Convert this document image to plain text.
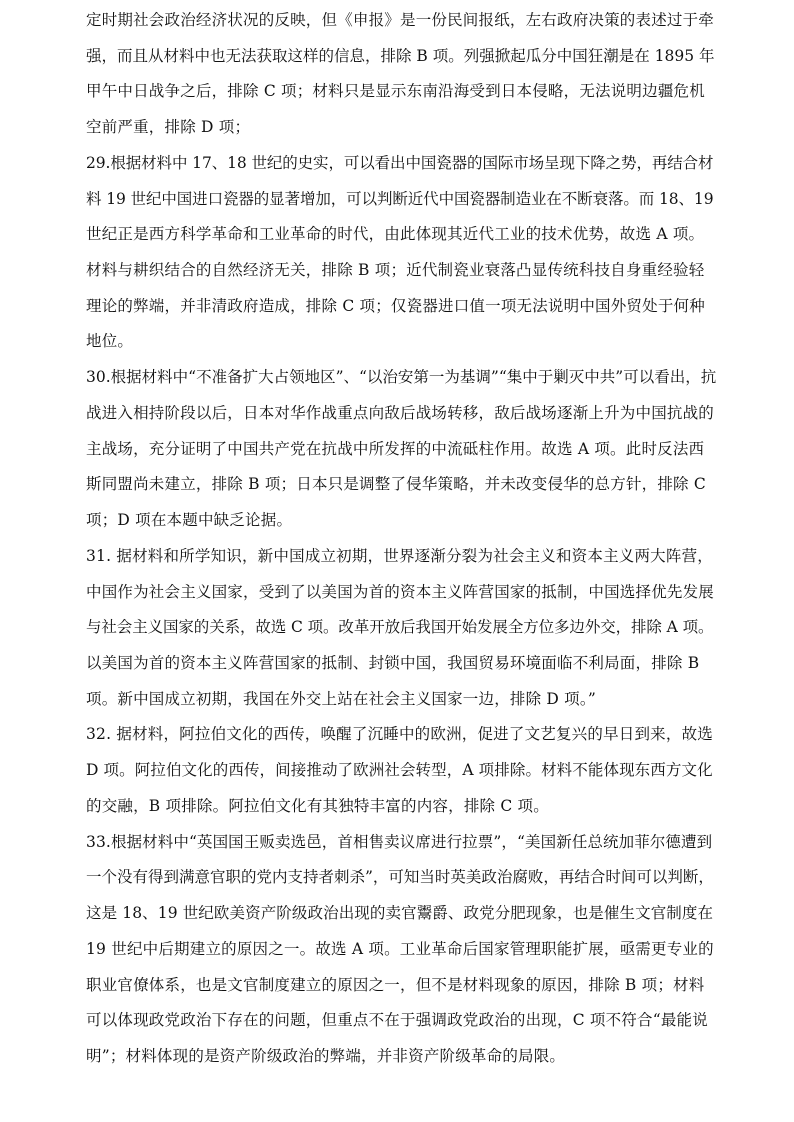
定时期社会政治经济状况的反映，但《申报》是一份民间报纸，左右政府决策的表述过于牵
强，而且从材料中也无法获取这样的信息，排除 B 项。列强掀起瓜分中国狂潮是在 1895 年
甲午中日战争之后，排除 C 项；材料只是显示东南沿海受到日本侵略，无法说明边疆危机
空前严重，排除 D 项；
29.根据材料中 17、18 世纪的史实，可以看出中国瓷器的国际市场呈现下降之势，再结合材
料 19 世纪中国进口瓷器的显著增加，可以判断近代中国瓷器制造业在不断衰落。而 18、19
世纪正是西方科学革命和工业革命的时代，由此体现其近代工业的技术优势，故选 A 项。
材料与耕织结合的自然经济无关，排除 B 项；近代制瓷业衰落凸显传统科技自身重经验轻
理论的弊端，并非清政府造成，排除 C 项；仅瓷器进口值一项无法说明中国外贸处于何种
地位。
30.根据材料中“不准备扩大占领地区”、“以治安第一为基调”“集中于剿灭中共”可以看出，抗
战进入相持阶段以后，日本对华作战重点向敌后战场转移，敌后战场逐渐上升为中国抗战的
主战场，充分证明了中国共产党在抗战中所发挥的中流砥柱作用。故选 A 项。此时反法西
斯同盟尚未建立，排除 B 项；日本只是调整了侵华策略，并未改变侵华的总方针，排除 C
项；D 项在本题中缺乏论据。
31. 据材料和所学知识，新中国成立初期，世界逐渐分裂为社会主义和资本主义两大阵营，
中国作为社会主义国家，受到了以美国为首的资本主义阵营国家的抵制，中国选择优先发展
与社会主义国家的关系，故选 C 项。改革开放后我国开始发展全方位多边外交，排除 A 项。
以美国为首的资本主义阵营国家的抵制、封锁中国，我国贸易环境面临不利局面，排除 B
项。新中国成立初期，我国在外交上站在社会主义国家一边，排除 D 项。”
32. 据材料，阿拉伯文化的西传，唤醒了沉睡中的欧洲，促进了文艺复兴的早日到来，故选
D 项。阿拉伯文化的西传，间接推动了欧洲社会转型，A 项排除。材料不能体现东西方文化
的交融，B 项排除。阿拉伯文化有其独特丰富的内容，排除 C 项。
33.根据材料中“英国国王贩卖选邑，首相售卖议席进行拉票”，“美国新任总统加菲尔德遭到
一个没有得到满意官职的党内支持者刺杀”，可知当时英美政治腐败，再结合时间可以判断，
这是 18、19 世纪欧美资产阶级政治出现的卖官鬻爵、政党分肥现象，也是催生文官制度在
19 世纪中后期建立的原因之一。故选 A 项。工业革命后国家管理职能扩展，亟需更专业的
职业官僚体系，也是文官制度建立的原因之一，但不是材料现象的原因，排除 B 项；材料
可以体现政党政治下存在的问题，但重点不在于强调政党政治的出现，C 项不符合“最能说
明”；材料体现的是资产阶级政治的弊端，并非资产阶级革命的局限。
